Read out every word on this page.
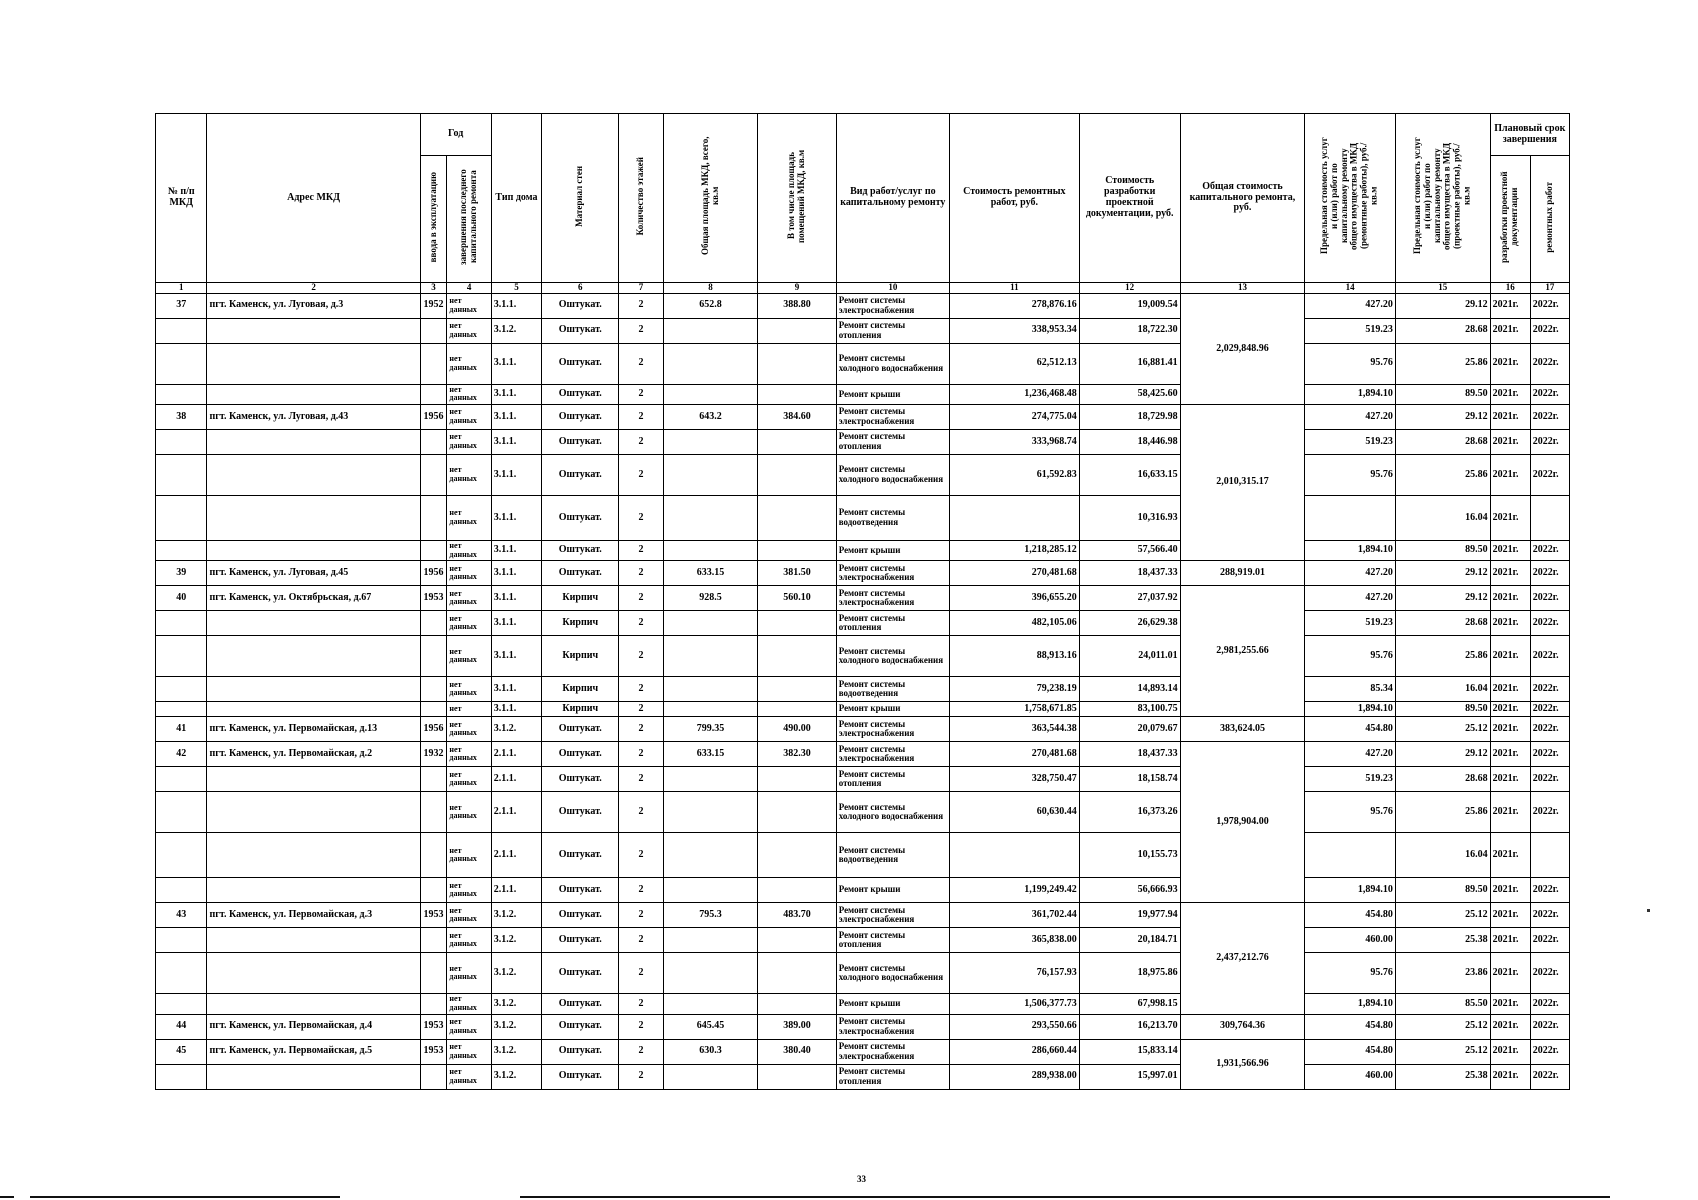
№ п/п МКД	Адрес МКД	Год		Тип дома	Материал стен	Количество этажей	Общая площадь МКД, всего, кв.м	В том числе площадь помещений МКД, кв.м	Вид работ/услуг по капитальному ремонту	Стоимость ремонтных работ, руб.	Стоимость разработки проектной документации, руб.	Общая стоимость капитального ремонта, руб.	Предельная стоимость услуг и (или) работ по капитальному ремонту общего имущества в МКД (ремонтные работы), руб./кв.м	Предельная стоимость услуг и (или) работ по капитальному ремонту общего имущества в МКД (проектные работы), руб./кв.м	Плановый срок завершения	
		ввода в эксплуатацию	завершения последнего капитального ремонта												разработки проектной документации	ремонтных работ
1	2	3	4	5	6	7	8	9	10	11	12	13	14	15	16	17
37	пгт. Каменск, ул. Луговая, д.3	1952	нет данных	3.1.1.	Оштукат.	2	652.8	388.80	Ремонт системы электроснабжения	278,876.16	19,009.54	2,029,848.96	427.20	29.12	2021г.	2022г.
			нет данных	3.1.2.	Оштукат.	2			Ремонт системы отопления	338,953.34	18,722.30		519.23	28.68	2021г.	2022г.
			нет данных	3.1.1.	Оштукат.	2			Ремонт системы холодного водоснабжения	62,512.13	16,881.41		95.76	25.86	2021г.	2022г.
			нет данных	3.1.1.	Оштукат.	2			Ремонт крыши	1,236,468.48	58,425.60		1,894.10	89.50	2021г.	2022г.
38	пгт. Каменск, ул. Луговая, д.43	1956	нет данных	3.1.1.	Оштукат.	2	643.2	384.60	Ремонт системы электроснабжения	274,775.04	18,729.98	2,010,315.17	427.20	29.12	2021г.	2022г.
			нет данных	3.1.1.	Оштукат.	2			Ремонт системы отопления	333,968.74	18,446.98		519.23	28.68	2021г.	2022г.
			нет данных	3.1.1.	Оштукат.	2			Ремонт системы холодного водоснабжения	61,592.83	16,633.15		95.76	25.86	2021г.	2022г.
			нет данных	3.1.1.	Оштукат.	2			Ремонт системы водоотведения		10,316.93			16.04	2021г.	
			нет данных	3.1.1.	Оштукат.	2			Ремонт крыши	1,218,285.12	57,566.40		1,894.10	89.50	2021г.	2022г.
39	пгт. Каменск, ул. Луговая, д.45	1956	нет данных	3.1.1.	Оштукат.	2	633.15	381.50	Ремонт системы электроснабжения	270,481.68	18,437.33	288,919.01	427.20	29.12	2021г.	2022г.
40	пгт. Каменск, ул. Октябрьская, д.67	1953	нет данных	3.1.1.	Кирпич	2	928.5	560.10	Ремонт системы электроснабжения	396,655.20	27,037.92	2,981,255.66	427.20	29.12	2021г.	2022г.
			нет данных	3.1.1.	Кирпич	2			Ремонт системы отопления	482,105.06	26,629.38		519.23	28.68	2021г.	2022г.
			нет данных	3.1.1.	Кирпич	2			Ремонт системы холодного водоснабжения	88,913.16	24,011.01		95.76	25.86	2021г.	2022г.
			нет данных	3.1.1.	Кирпич	2			Ремонт системы водоотведения	79,238.19	14,893.14		85.34	16.04	2021г.	2022г.
			нет	3.1.1.	Кирпич	2			Ремонт крыши	1,758,671.85	83,100.75		1,894.10	89.50	2021г.	2022г.
41	пгт. Каменск, ул. Первомайская, д.13	1956	нет данных	3.1.2.	Оштукат.	2	799.35	490.00	Ремонт системы электроснабжения	363,544.38	20,079.67	383,624.05	454.80	25.12	2021г.	2022г.
42	пгт. Каменск, ул. Первомайская, д.2	1932	нет данных	2.1.1.	Оштукат.	2	633.15	382.30	Ремонт системы электроснабжения	270,481.68	18,437.33	1,978,904.00	427.20	29.12	2021г.	2022г.
			нет данных	2.1.1.	Оштукат.	2			Ремонт системы отопления	328,750.47	18,158.74		519.23	28.68	2021г.	2022г.
			нет данных	2.1.1.	Оштукат.	2			Ремонт системы холодного водоснабжения	60,630.44	16,373.26		95.76	25.86	2021г.	2022г.
			нет данных	2.1.1.	Оштукат.	2			Ремонт системы водоотведения		10,155.73			16.04	2021г.	
			нет данных	2.1.1.	Оштукат.	2			Ремонт крыши	1,199,249.42	56,666.93		1,894.10	89.50	2021г.	2022г.
43	пгт. Каменск, ул. Первомайская, д.3	1953	нет данных	3.1.2.	Оштукат.	2	795.3	483.70	Ремонт системы электроснабжения	361,702.44	19,977.94	2,437,212.76	454.80	25.12	2021г.	2022г.
			нет данных	3.1.2.	Оштукат.	2			Ремонт системы отопления	365,838.00	20,184.71		460.00	25.38	2021г.	2022г.
			нет данных	3.1.2.	Оштукат.	2			Ремонт системы холодного водоснабжения	76,157.93	18,975.86		95.76	23.86	2021г.	2022г.
			нет данных	3.1.2.	Оштукат.	2			Ремонт крыши	1,506,377.73	67,998.15		1,894.10	85.50	2021г.	2022г.
44	пгт. Каменск, ул. Первомайская, д.4	1953	нет данных	3.1.2.	Оштукат.	2	645.45	389.00	Ремонт системы электроснабжения	293,550.66	16,213.70	309,764.36	454.80	25.12	2021г.	2022г.
45	пгт. Каменск, ул. Первомайская, д.5	1953	нет данных	3.1.2.	Оштукат.	2	630.3	380.40	Ремонт системы электроснабжения	286,660.44	15,833.14	1,931,566.96	454.80	25.12	2021г.	2022г.
			нет данных	3.1.2.	Оштукат.	2			Ремонт системы отопления	289,938.00	15,997.01		460.00	25.38	2021г.	2022г.
33
